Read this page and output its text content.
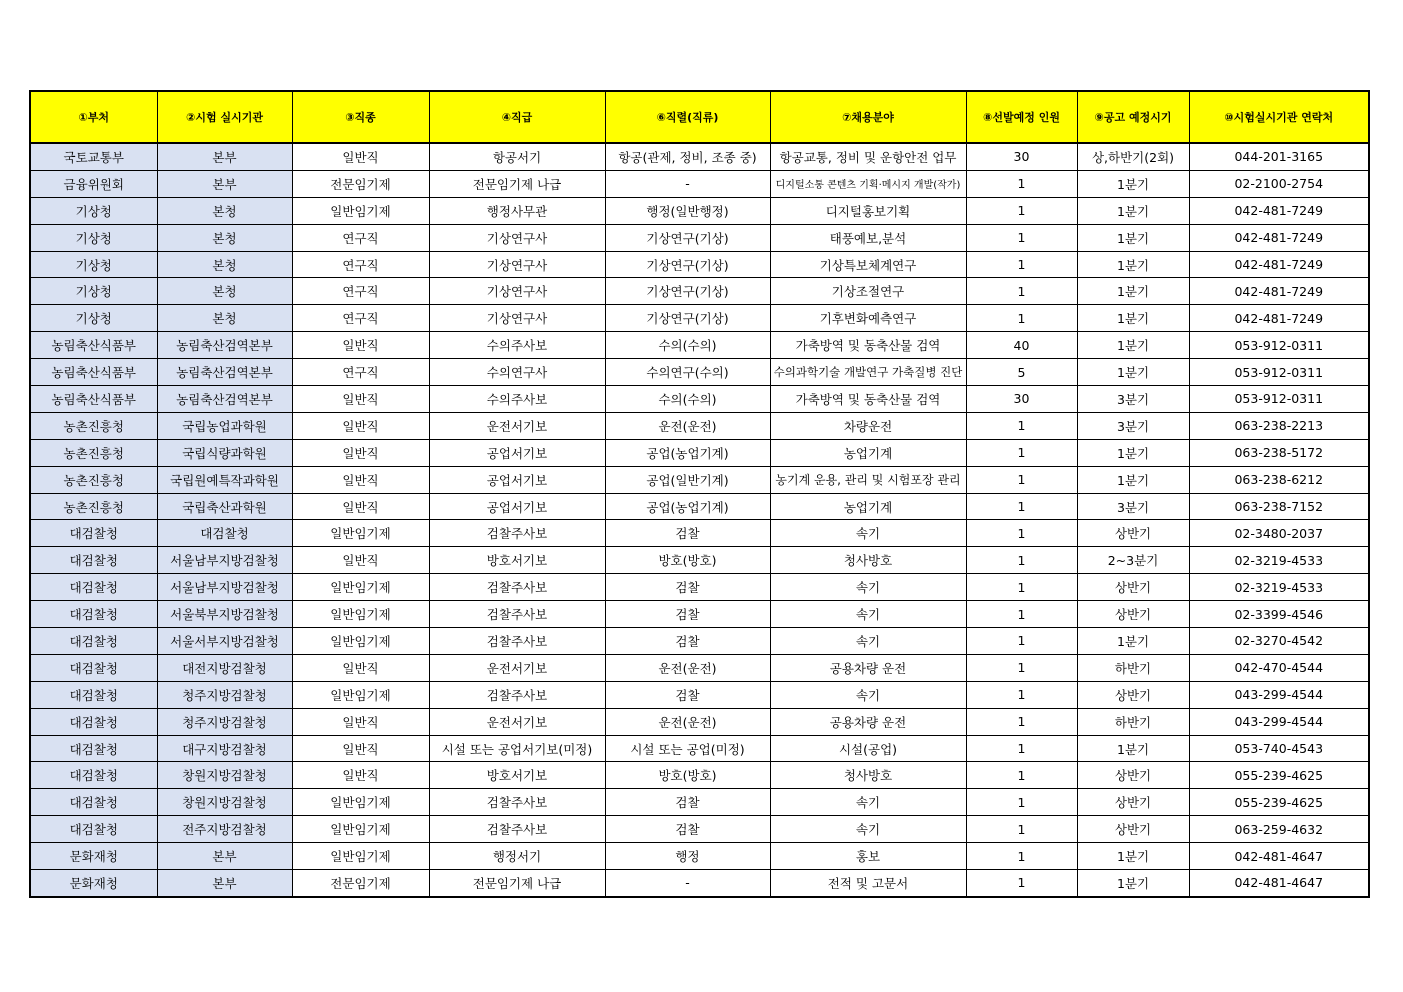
①부처	②시험 실시기관	③직종	④직급	⑥직렬(직류)	⑦채용분야	⑧선발예정 인원	⑨공고 예정시기	⑩시험실시기관 연락처
국토교통부	본부	일반직	항공서기	항공(관제, 정비, 조종 중)	항공교통, 정비 및 운항안전 업무	30	상,하반기(2회)	044-201-3165
금융위원회	본부	전문임기제	전문임기제 나급	-	디지털소통 콘텐츠 기획·메시지 개발(작가)	1	1분기	02-2100-2754
기상청	본청	일반임기제	행정사무관	행정(일반행정)	디지털홍보기획	1	1분기	042-481-7249
기상청	본청	연구직	기상연구사	기상연구(기상)	태풍예보,분석	1	1분기	042-481-7249
기상청	본청	연구직	기상연구사	기상연구(기상)	기상특보체계연구	1	1분기	042-481-7249
기상청	본청	연구직	기상연구사	기상연구(기상)	기상조절연구	1	1분기	042-481-7249
기상청	본청	연구직	기상연구사	기상연구(기상)	기후변화예측연구	1	1분기	042-481-7249
농림축산식품부	농림축산검역본부	일반직	수의주사보	수의(수의)	가축방역 및 동축산물 검역	40	1분기	053-912-0311
농림축산식품부	농림축산검역본부	연구직	수의연구사	수의연구(수의)	수의과학기술 개발연구 가축질병 진단	5	1분기	053-912-0311
농림축산식품부	농림축산검역본부	일반직	수의주사보	수의(수의)	가축방역 및 동축산물 검역	30	3분기	053-912-0311
농촌진흥청	국립농업과학원	일반직	운전서기보	운전(운전)	차량운전	1	3분기	063-238-2213
농촌진흥청	국립식량과학원	일반직	공업서기보	공업(농업기계)	농업기계	1	1분기	063-238-5172
농촌진흥청	국립원예특작과학원	일반직	공업서기보	공업(일반기계)	농기계 운용, 관리 및 시험포장 관리	1	1분기	063-238-6212
농촌진흥청	국립축산과학원	일반직	공업서기보	공업(농업기계)	농업기계	1	3분기	063-238-7152
대검찰청	대검찰청	일반임기제	검찰주사보	검찰	속기	1	상반기	02-3480-2037
대검찰청	서울남부지방검찰청	일반직	방호서기보	방호(방호)	청사방호	1	2~3분기	02-3219-4533
대검찰청	서울남부지방검찰청	일반임기제	검찰주사보	검찰	속기	1	상반기	02-3219-4533
대검찰청	서울북부지방검찰청	일반임기제	검찰주사보	검찰	속기	1	상반기	02-3399-4546
대검찰청	서울서부지방검찰청	일반임기제	검찰주사보	검찰	속기	1	1분기	02-3270-4542
대검찰청	대전지방검찰청	일반직	운전서기보	운전(운전)	공용차량 운전	1	하반기	042-470-4544
대검찰청	청주지방검찰청	일반임기제	검찰주사보	검찰	속기	1	상반기	043-299-4544
대검찰청	청주지방검찰청	일반직	운전서기보	운전(운전)	공용차량 운전	1	하반기	043-299-4544
대검찰청	대구지방검찰청	일반직	시설 또는 공업서기보(미정)	시설 또는 공업(미정)	시설(공업)	1	1분기	053-740-4543
대검찰청	창원지방검찰청	일반직	방호서기보	방호(방호)	청사방호	1	상반기	055-239-4625
대검찰청	창원지방검찰청	일반임기제	검찰주사보	검찰	속기	1	상반기	055-239-4625
대검찰청	전주지방검찰청	일반임기제	검찰주사보	검찰	속기	1	상반기	063-259-4632
문화재청	본부	일반임기제	행정서기	행정	홍보	1	1분기	042-481-4647
문화재청	본부	전문임기제	전문임기제 나급	-	전적 및 고문서	1	1분기	042-481-4647
